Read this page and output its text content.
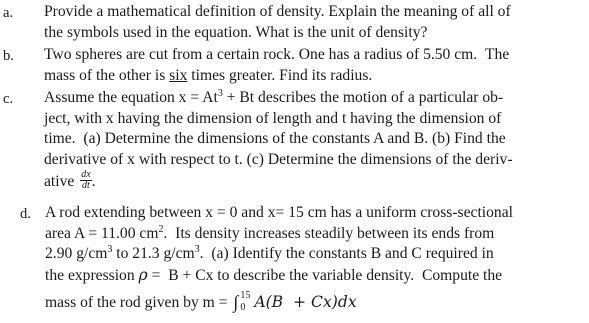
a. Provide a mathematical definition of density. Explain the meaning of all of
the symbols used in the equation. What is the unit of density?
b. Two spheres are cut from a certain rock. One has a radius of 5.50 cm.  The
mass of the other is six times greater. Find its radius.
c. Assume the equation $x = At^3 + Bt$ describes the motion of a particular ob-
ject, with x having the dimension of length and t having the dimension of
time.  (a) Determine the dimensions of the constants A and B. (b) Find the
derivative of x with respect to t. (c) Determine the dimensions of the deriv-
ative $\frac{dx}{dt}$ .
d. A rod extending between x = 0 and x= 15 cm has a uniform cross-sectional
area A = 11.00 $cm^2$.  Its density increases steadily between its ends from
2.90 $g/cm^3$ to 21.3 $g/cm^3$.  (a) Identify the constants B and C required in
the expression ρ =  B + Cx to describe the variable density.  Compute the
mass of the rod given by m = ∫ 15
0 A(B  + Cx)dx
